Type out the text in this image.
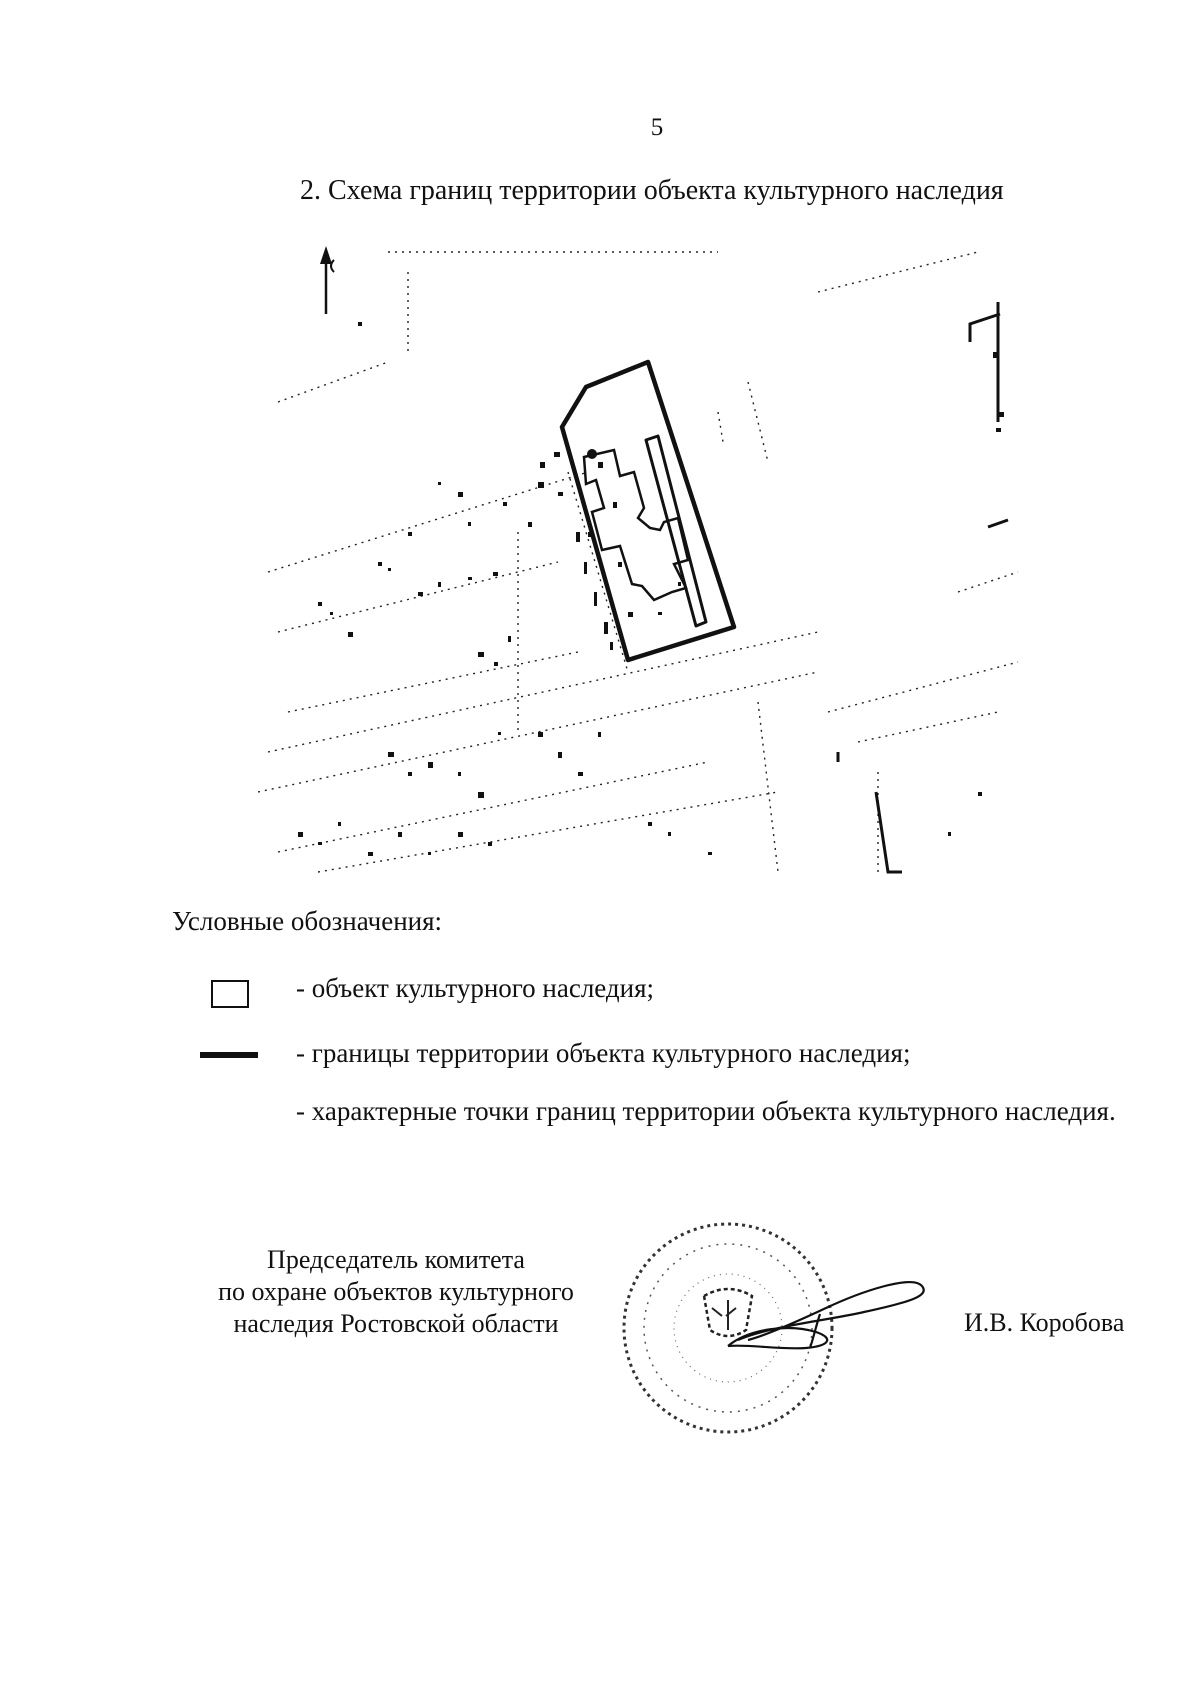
5
2. Схема границ территории объекта культурного наследия
Условные обозначения:
- объект культурного наследия;
- границы территории объекта культурного наследия;
- характерные точки границ территории объекта культурного наследия.
Председатель комитета
по охране объектов культурного
наследия Ростовской области	И.В. Коробова
